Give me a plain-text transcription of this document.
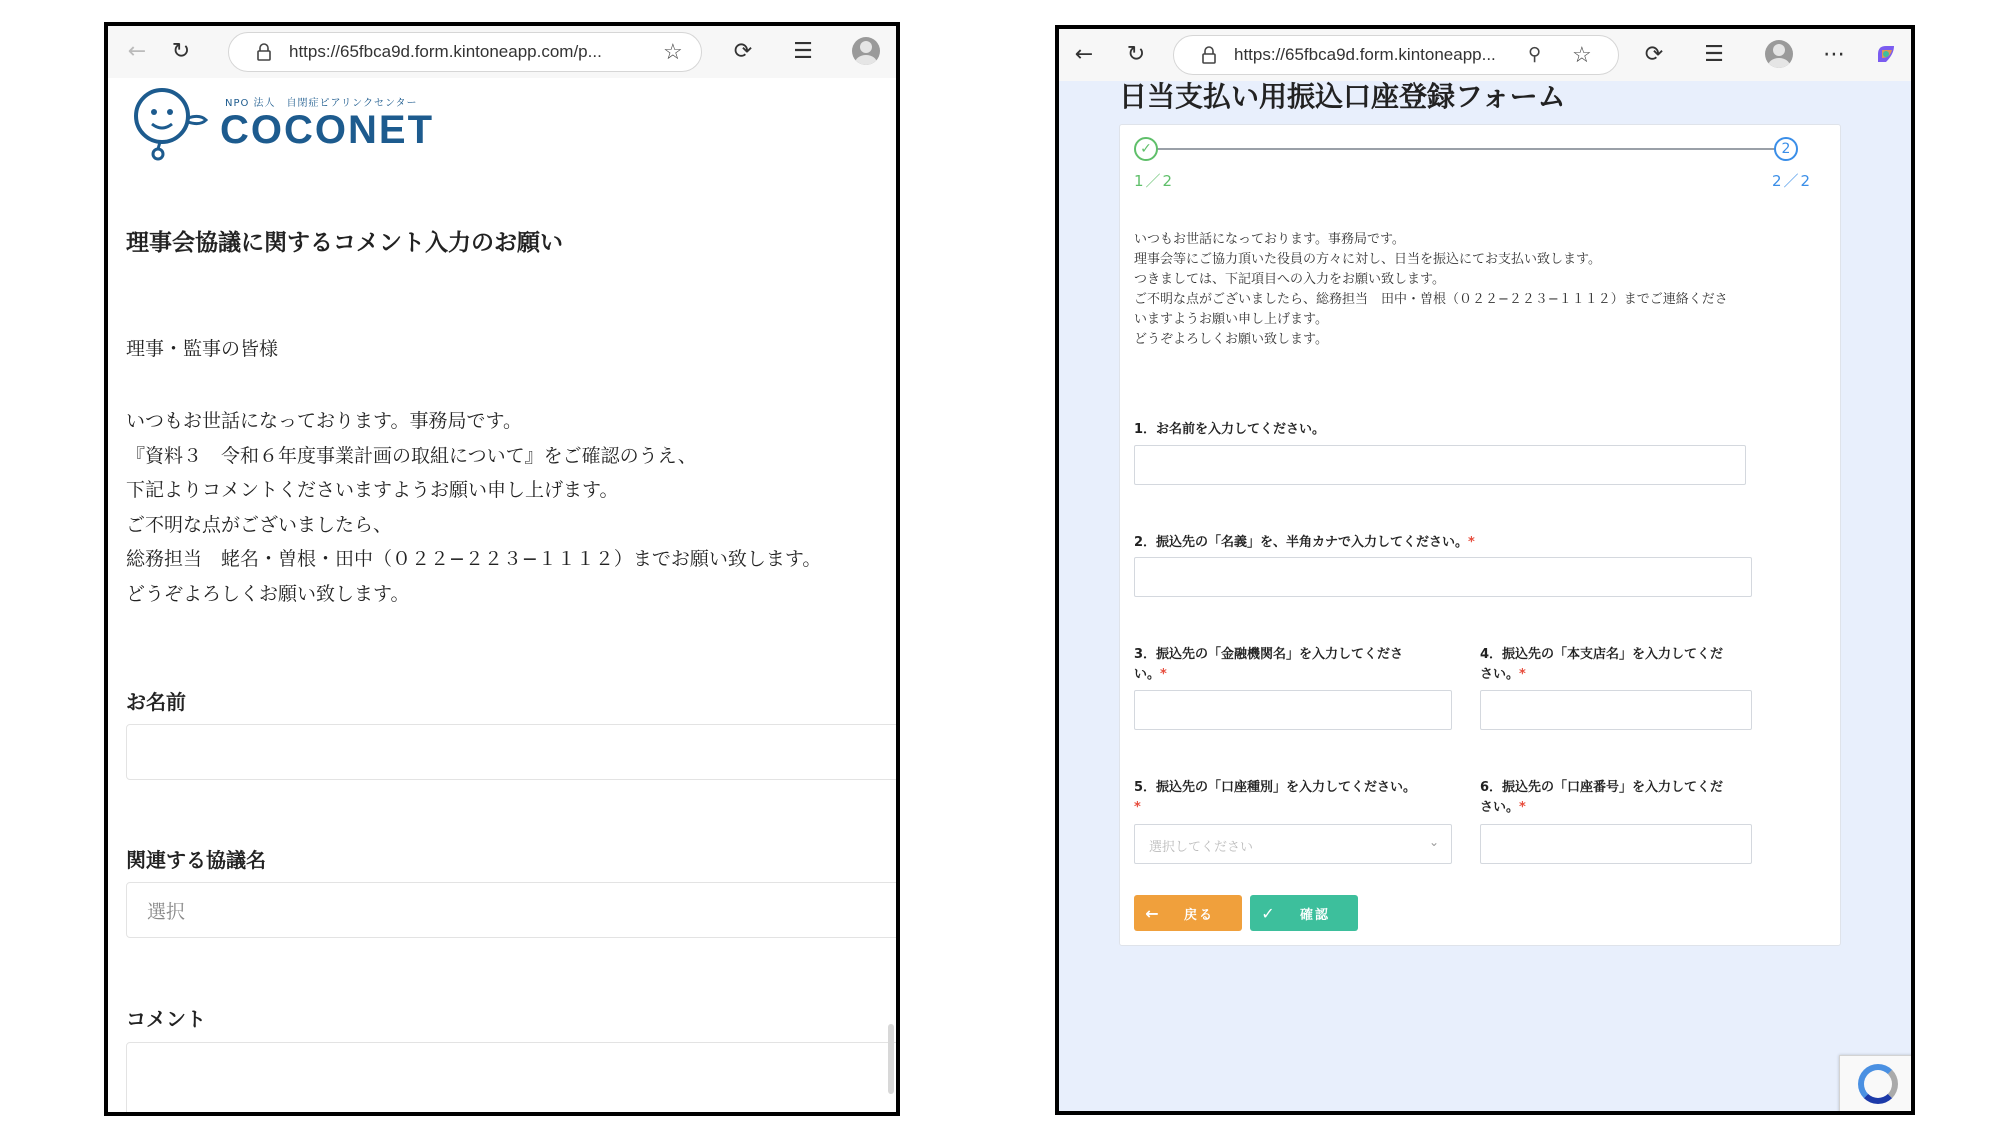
← ↻	https://65fbca9d.form.kintoneapp.com/p...	☆ ⟳ ☰
NPO 法人　自閉症ピアリンクセンター
COCONET
理事会協議に関するコメント入力のお願い
理事・監事の皆様
いつもお世話になっております。事務局です。
『資料３　令和６年度事業計画の取組について』をご確認のうえ、
下記よりコメントくださいますようお願い申し上げます。
ご不明な点がございましたら、
総務担当　蛯名・曽根・田中（０２２−２２３−１１１２）までお願い致します。
どうぞよろしくお願い致します。
お名前
関連する協議名
選択
コメント
← ↻	https://65fbca9d.form.kintoneapp... ⚲ ☆ ⟳ ☰	⋯
日当支払い用振込口座登録フォーム
✓	2
1／2	2／2
いつもお世話になっております。事務局です。
理事会等にご協力頂いた役員の方々に対し、日当を振込にてお支払い致します。
つきましては、下記項目への入力をお願い致します。
ご不明な点がございましたら、総務担当　田中・曽根（０２２−２２３−１１１２）までご連絡くださ
いますようお願い申し上げます。
どうぞよろしくお願い致します。
1．お名前を入力してください。
2．振込先の「名義」を、半角カナで入力してください。*
3．振込先の「金融機関名」を入力してくださ
い。*
4．振込先の「本支店名」を入力してくだ
さい。*
5．振込先の「口座種別」を入力してください。
*
選択してください	⌄
6．振込先の「口座番号」を入力してくだ
さい。*
←	戻る	✓	確認
